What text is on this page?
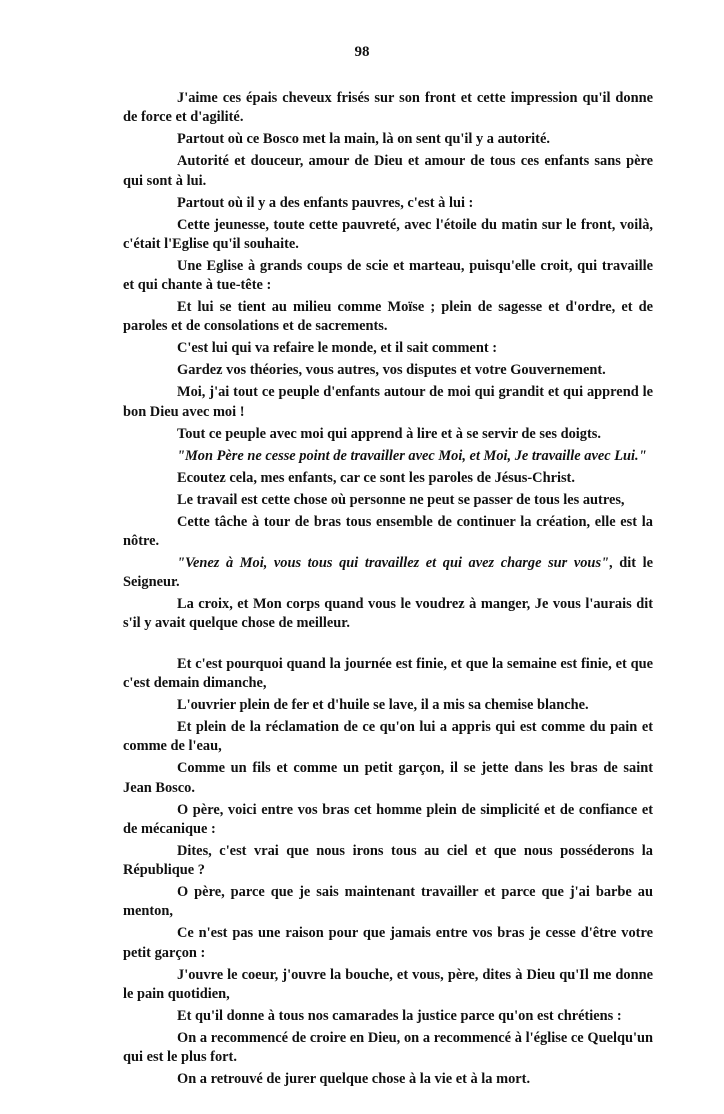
98

J'aime ces épais cheveux frisés sur son front et cette impression qu'il donne de force et d'agilité.

Partout où ce Bosco met la main, là on sent qu'il y a autorité.

Autorité et douceur, amour de Dieu et amour de tous ces enfants sans père qui sont à lui.

Partout où il y a des enfants pauvres, c'est à lui :

Cette jeunesse, toute cette pauvreté, avec l'étoile du matin sur le front, voilà, c'était l'Eglise qu'il souhaite.

Une Eglise à grands coups de scie et marteau, puisqu'elle croit, qui travaille et qui chante à tue-tête :

Et lui se tient au milieu comme Moïse ; plein de sagesse et d'ordre, et de paroles et de consolations et de sacrements.

C'est lui qui va refaire le monde, et il sait comment :

Gardez vos théories, vous autres, vos disputes et votre Gouvernement.

Moi, j'ai tout ce peuple d'enfants autour de moi qui grandit et qui apprend le bon Dieu avec moi !

Tout ce peuple avec moi qui apprend à lire et à se servir de ses doigts.

"Mon Père ne cesse point de travailler avec Moi, et Moi, Je travaille avec Lui."

Ecoutez cela, mes enfants, car ce sont les paroles de Jésus-Christ.

Le travail est cette chose où personne ne peut se passer de tous les autres,

Cette tâche à tour de bras tous ensemble de continuer la création, elle est la nôtre.

"Venez à Moi, vous tous qui travaillez et qui avez charge sur vous", dit le Seigneur.

La croix, et Mon corps quand vous le voudrez à manger, Je vous l'aurais dit s'il y avait quelque chose de meilleur.

Et c'est pourquoi quand la journée est finie, et que la semaine est finie, et que c'est demain dimanche,

L'ouvrier plein de fer et d'huile se lave, il a mis sa chemise blanche.

Et plein de la réclamation de ce qu'on lui a appris qui est comme du pain et comme de l'eau,

Comme un fils et comme un petit garçon, il se jette dans les bras de saint Jean Bosco.

O père, voici entre vos bras cet homme plein de simplicité et de confiance et de mécanique :

Dites, c'est vrai que nous irons tous au ciel et que nous posséderons la République ?

O père, parce que je sais maintenant travailler et parce que j'ai barbe au menton,

Ce n'est pas une raison pour que jamais entre vos bras je cesse d'être votre petit garçon :

J'ouvre le coeur, j'ouvre la bouche, et vous, père, dites à Dieu qu'Il me donne le pain quotidien,

Et qu'il donne à tous nos camarades la justice parce qu'on est chrétiens :

On a recommencé de croire en Dieu, on a recommencé à l'église ce Quelqu'un qui est le plus fort.

On a retrouvé de jurer quelque chose à la vie et à la mort.
